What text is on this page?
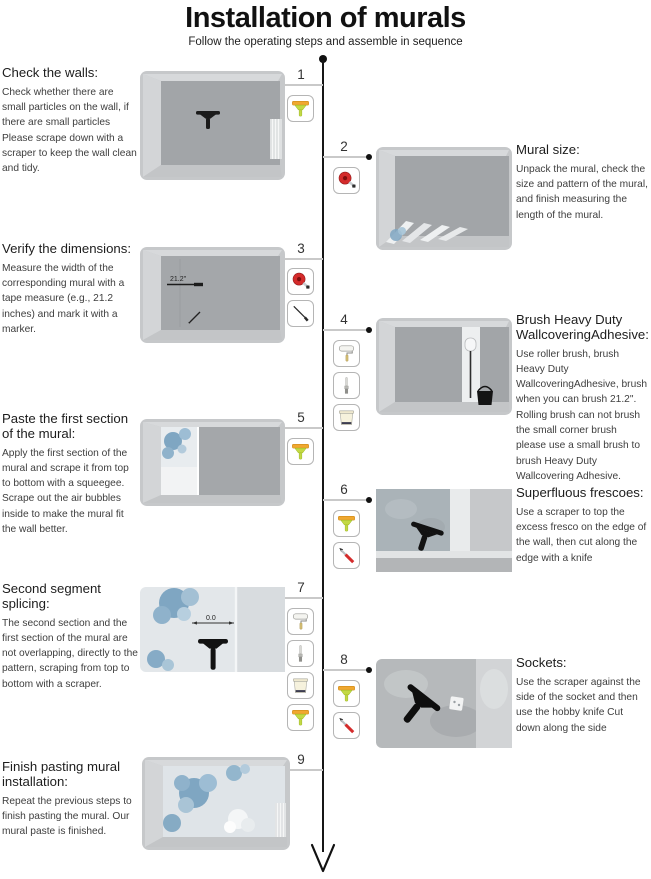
Installation of murals
Follow the operating steps and assemble in sequence
1
Check the walls:

Check whether there are small particles on the wall, if there are small particles Please scrape down with a scraper to keep the wall clean and tidy.

2	Mural size:

Unpack the mural, check the size and pattern of the mural, and finish measuring the length of the mural.

3
21.2"
Verify the dimensions:

Measure the width of the corresponding mural with a tape measure (e.g., 21.2 inches) and mark it with a marker.

4	Brush Heavy Duty WallcoveringAdhesive:

Use roller brush, brush Heavy Duty WallcoveringAdhesive, brush when you can brush 21.2". Rolling brush can not brush the small corner brush please use a small brush to brush Heavy Duty Wallcovering Adhesive.

5
Paste the first section of the mural:

Apply the first section of the mural and scrape it from top to bottom with a squeegee. Scrape out the air bubbles inside to make the mural fit the wall better.

6	Superfluous frescoes:

Use a scraper to top the excess fresco on the edge of the wall, then cut along the edge with a knife

7
0.0
Second segment splicing:

The second section and the first section of the mural are not overlapping, directly to the pattern, scraping from top to bottom with a scraper.

8	Sockets:

Use the scraper against the side of the socket and then use the hobby knife Cut down along the side

9
Finish pasting mural installation:

Repeat the previous steps to finish pasting the mural. Our mural paste is finished.
